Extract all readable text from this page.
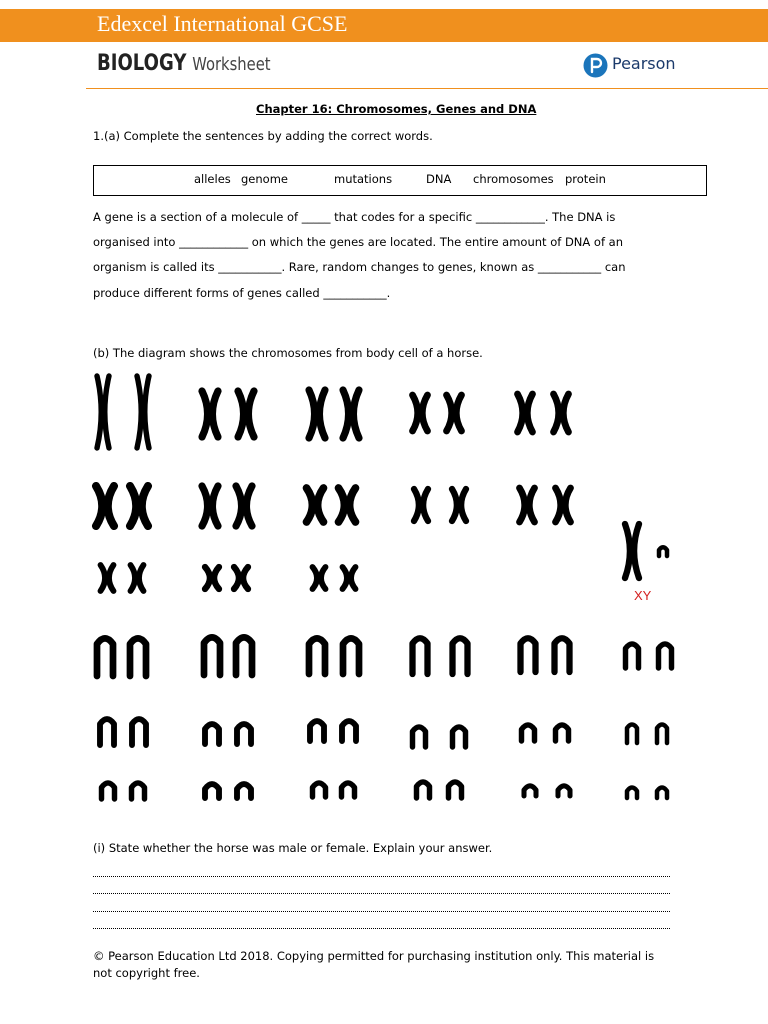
Edexcel International GCSE
BIOLOGY Worksheet	Pearson
Chapter 16: Chromosomes, Genes and DNA
1.(a) Complete the sentences by adding the correct words.
alleles genome	mutations	DNA chromosomes protein
A gene is a section of a molecule of _____ that codes for a specific ____________. The DNA is
organised into ____________ on which the genes are located. The entire amount of DNA of an
organism is called its ___________. Rare, random changes to genes, known as ___________ can
produce different forms of genes called ___________.
(b) The diagram shows the chromosomes from body cell of a horse.
XY
(i) State whether the horse was male or female. Explain your answer.
© Pearson Education Ltd 2018. Copying permitted for purchasing institution only. This material is
not copyright free.
